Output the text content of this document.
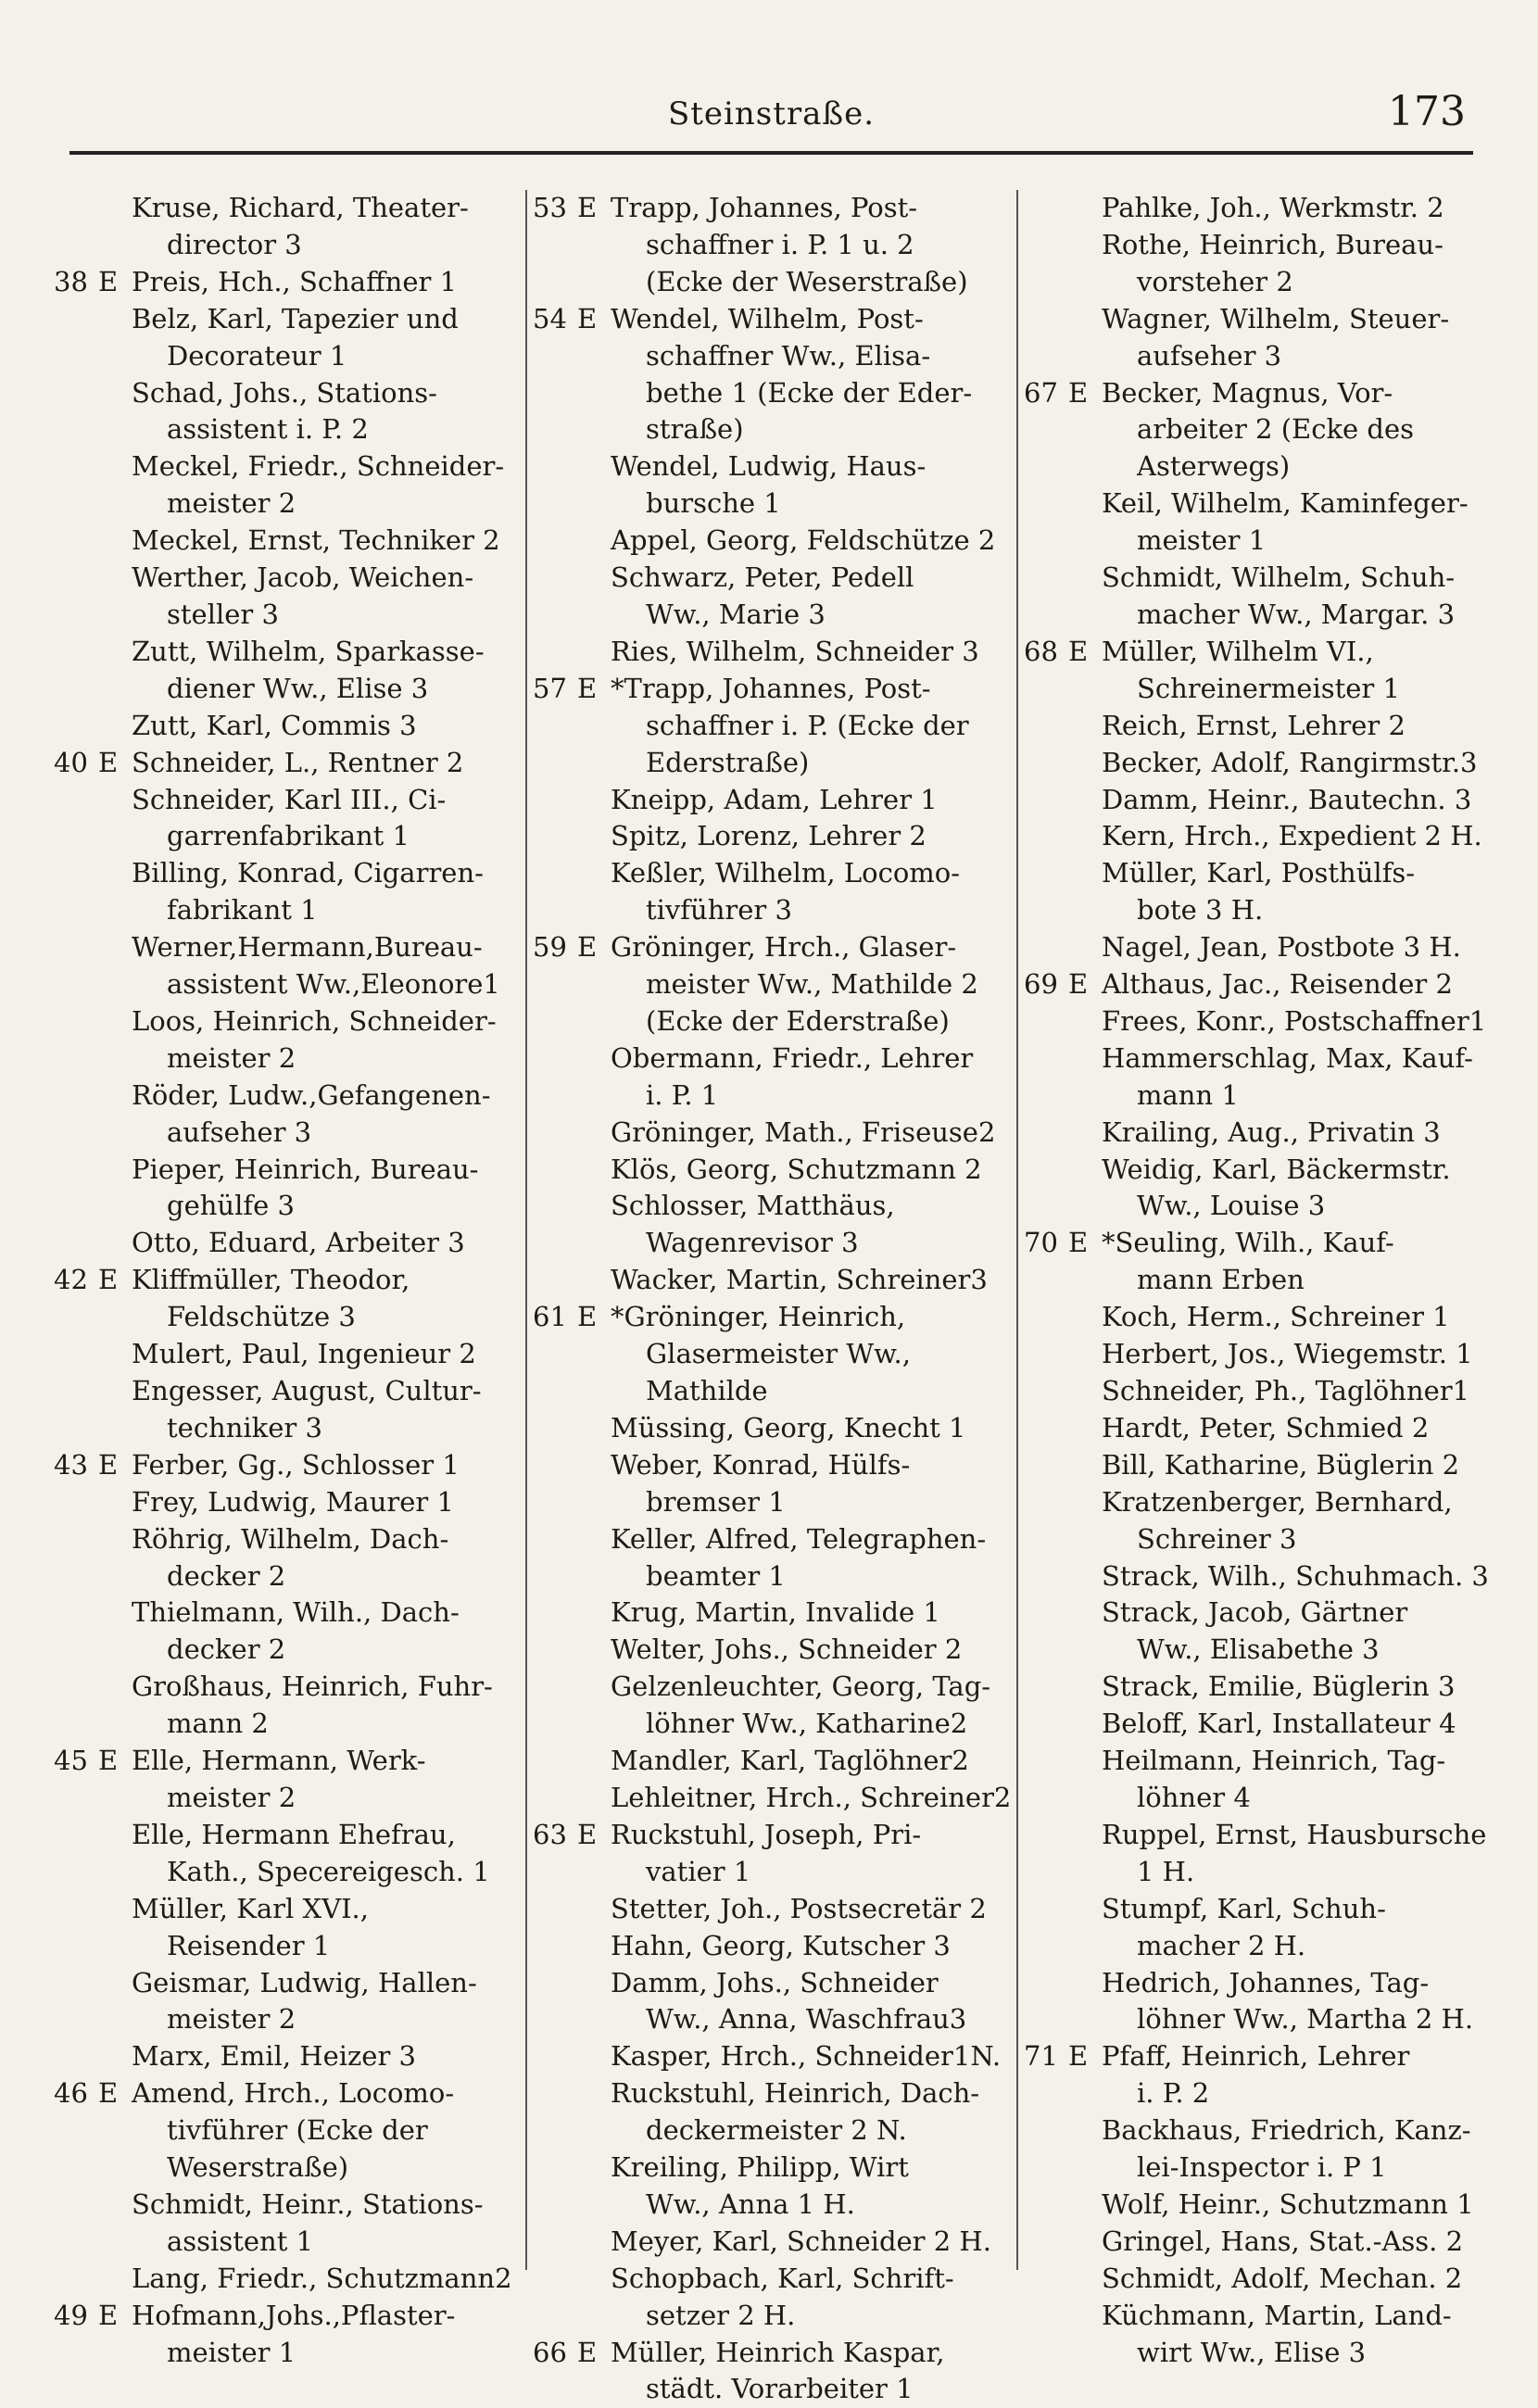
Steinstraße.	173
Kruse, Richard, Theater-
director 3
38 E Preis, Hch., Schaffner 1
Belz, Karl, Tapezier und
Decorateur 1
Schad, Johs., Stations-
assistent i. P. 2
Meckel, Friedr., Schneider-
meister 2
Meckel, Ernst, Techniker 2
Werther, Jacob, Weichen-
steller 3
Zutt, Wilhelm, Sparkasse-
diener Ww., Elise 3
Zutt, Karl, Commis 3
40 E Schneider, L., Rentner 2
Schneider, Karl III., Ci-
garrenfabrikant 1
Billing, Konrad, Cigarren-
fabrikant 1
Werner,Hermann,Bureau-
assistent Ww.,Eleonore1
Loos, Heinrich, Schneider-
meister 2
Röder, Ludw.,Gefangenen-
aufseher 3
Pieper, Heinrich, Bureau-
gehülfe 3
Otto, Eduard, Arbeiter 3
42 E Kliffmüller, Theodor,
Feldschütze 3
Mulert, Paul, Ingenieur 2
Engesser, August, Cultur-
techniker 3
43 E Ferber, Gg., Schlosser 1
Frey, Ludwig, Maurer 1
Röhrig, Wilhelm, Dach-
decker 2
Thielmann, Wilh., Dach-
decker 2
Großhaus, Heinrich, Fuhr-
mann 2
45 E Elle, Hermann, Werk-
meister 2
Elle, Hermann Ehefrau,
Kath., Specereigesch. 1
Müller, Karl XVI.,
Reisender 1
Geismar, Ludwig, Hallen-
meister 2
Marx, Emil, Heizer 3
46 E Amend, Hrch., Locomo-
tivführer (Ecke der
Weserstraße)
Schmidt, Heinr., Stations-
assistent 1
Lang, Friedr., Schutzmann2
49 E Hofmann,Johs.,Pflaster-
meister 1
53 E Trapp, Johannes, Post-
schaffner i. P. 1 u. 2
(Ecke der Weserstraße)
54 E Wendel, Wilhelm, Post-
schaffner Ww., Elisa-
bethe 1 (Ecke der Eder-
straße)
Wendel, Ludwig, Haus-
bursche 1
Appel, Georg, Feldschütze 2
Schwarz, Peter, Pedell
Ww., Marie 3
Ries, Wilhelm, Schneider 3
57 E *Trapp, Johannes, Post-
schaffner i. P. (Ecke der
Ederstraße)
Kneipp, Adam, Lehrer 1
Spitz, Lorenz, Lehrer 2
Keßler, Wilhelm, Locomo-
tivführer 3
59 E Gröninger, Hrch., Glaser-
meister Ww., Mathilde 2
(Ecke der Ederstraße)
Obermann, Friedr., Lehrer
i. P. 1
Gröninger, Math., Friseuse2
Klös, Georg, Schutzmann 2
Schlosser, Matthäus,
Wagenrevisor 3
Wacker, Martin, Schreiner3
61 E *Gröninger, Heinrich,
Glasermeister Ww.,
Mathilde
Müssing, Georg, Knecht 1
Weber, Konrad, Hülfs-
bremser 1
Keller, Alfred, Telegraphen-
beamter 1
Krug, Martin, Invalide 1
Welter, Johs., Schneider 2
Gelzenleuchter, Georg, Tag-
löhner Ww., Katharine2
Mandler, Karl, Taglöhner2
Lehleitner, Hrch., Schreiner2
63 E Ruckstuhl, Joseph, Pri-
vatier 1
Stetter, Joh., Postsecretär 2
Hahn, Georg, Kutscher 3
Damm, Johs., Schneider
Ww., Anna, Waschfrau3
Kasper, Hrch., Schneider1N.
Ruckstuhl, Heinrich, Dach-
deckermeister 2 N.
Kreiling, Philipp, Wirt
Ww., Anna 1 H.
Meyer, Karl, Schneider 2 H.
Schopbach, Karl, Schrift-
setzer 2 H.
66 E Müller, Heinrich Kaspar,
städt. Vorarbeiter 1
Pahlke, Joh., Werkmstr. 2
Rothe, Heinrich, Bureau-
vorsteher 2
Wagner, Wilhelm, Steuer-
aufseher 3
67 E Becker, Magnus, Vor-
arbeiter 2 (Ecke des
Asterwegs)
Keil, Wilhelm, Kaminfeger-
meister 1
Schmidt, Wilhelm, Schuh-
macher Ww., Margar. 3
68 E Müller, Wilhelm VI.,
Schreinermeister 1
Reich, Ernst, Lehrer 2
Becker, Adolf, Rangirmstr.3
Damm, Heinr., Bautechn. 3
Kern, Hrch., Expedient 2 H.
Müller, Karl, Posthülfs-
bote 3 H.
Nagel, Jean, Postbote 3 H.
69 E Althaus, Jac., Reisender 2
Frees, Konr., Postschaffner1
Hammerschlag, Max, Kauf-
mann 1
Krailing, Aug., Privatin 3
Weidig, Karl, Bäckermstr.
Ww., Louise 3
70 E *Seuling, Wilh., Kauf-
mann Erben
Koch, Herm., Schreiner 1
Herbert, Jos., Wiegemstr. 1
Schneider, Ph., Taglöhner1
Hardt, Peter, Schmied 2
Bill, Katharine, Büglerin 2
Kratzenberger, Bernhard,
Schreiner 3
Strack, Wilh., Schuhmach. 3
Strack, Jacob, Gärtner
Ww., Elisabethe 3
Strack, Emilie, Büglerin 3
Beloff, Karl, Installateur 4
Heilmann, Heinrich, Tag-
löhner 4
Ruppel, Ernst, Hausbursche
1 H.
Stumpf, Karl, Schuh-
macher 2 H.
Hedrich, Johannes, Tag-
löhner Ww., Martha 2 H.
71 E Pfaff, Heinrich, Lehrer
i. P. 2
Backhaus, Friedrich, Kanz-
lei-Inspector i. P 1
Wolf, Heinr., Schutzmann 1
Gringel, Hans, Stat.-Ass. 2
Schmidt, Adolf, Mechan. 2
Küchmann, Martin, Land-
wirt Ww., Elise 3
